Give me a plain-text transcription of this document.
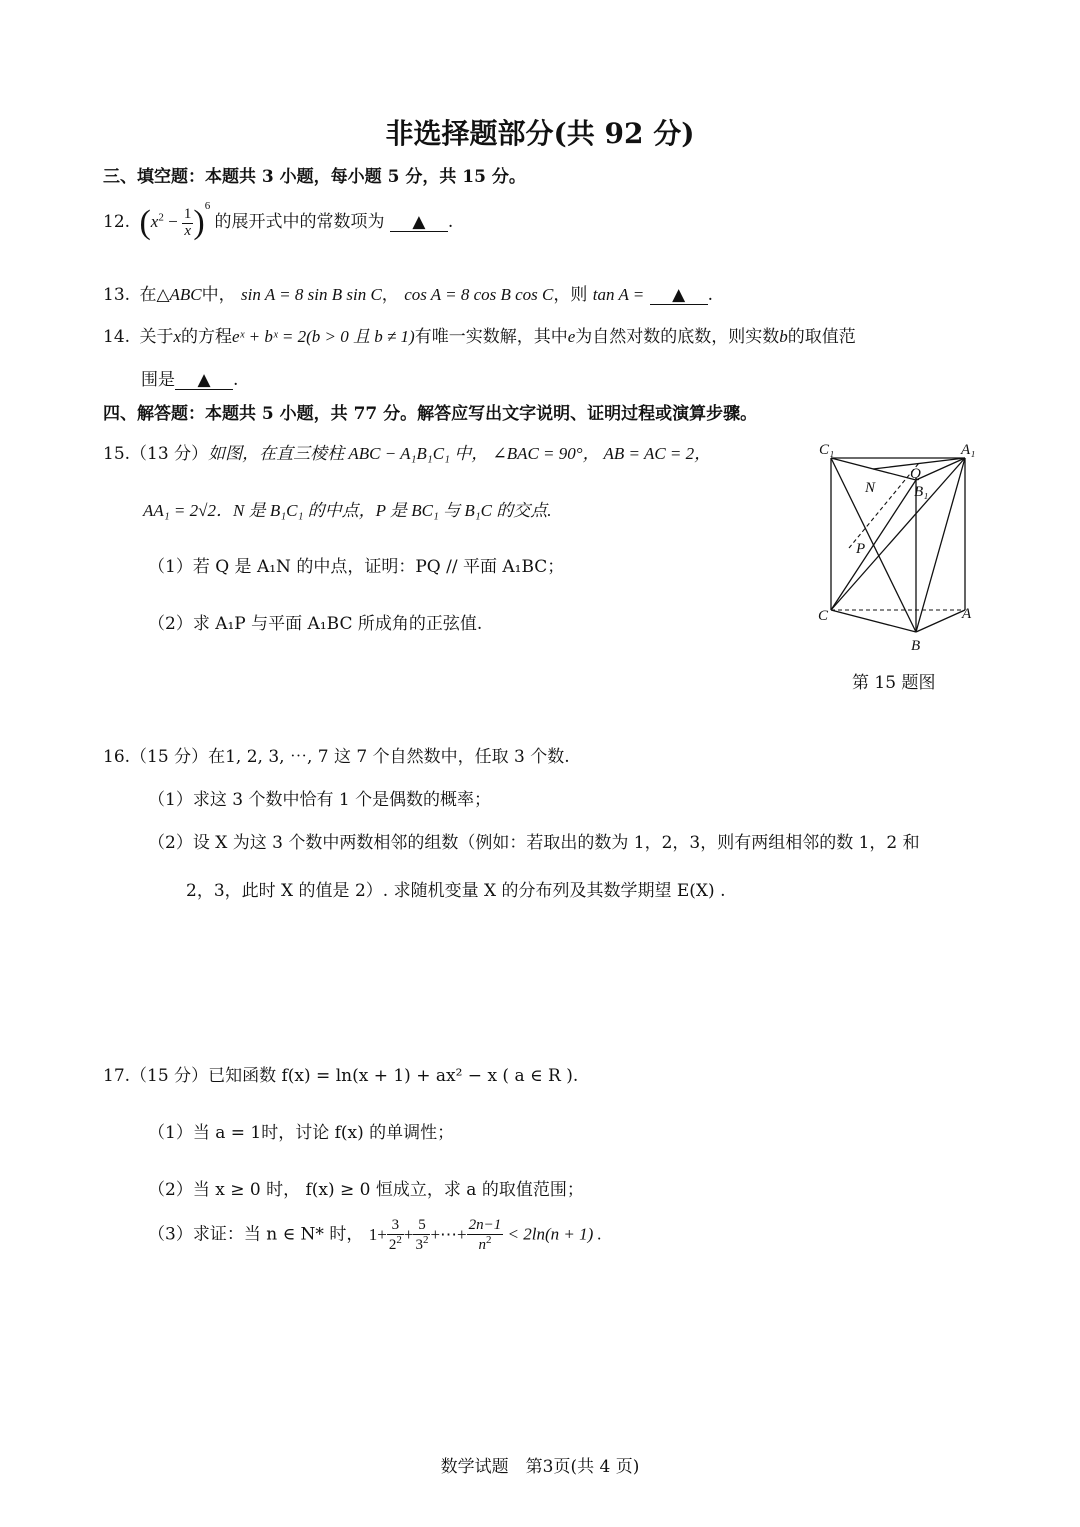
非选择题部分(共 92 分)
三、填空题：本题共 3 小题，每小题 5 分，共 15 分。
12. $(x^2 - \frac{1}{x} )^6$ 的展开式中的常数项为 ▲ .
13. 在△ABC中， sin A = 8 sin B sin C， cos A = 8 cos B cos C，则 tan A = ▲ .
14. 关于x的方程eˣ + bˣ = 2(b > 0 且 b ≠ 1)有唯一实数解，其中e为自然对数的底数，则实数b的取值范
围是 ▲ .
四、解答题：本题共 5 小题，共 77 分。解答应写出文字说明、证明过程或演算步骤。
15.（13 分）如图，在直三棱柱 ABC − A₁B₁C₁ 中， ∠BAC = 90°， AB = AC = 2，
AA₁ = 2√2．N 是 B₁C₁ 的中点，P 是 BC₁ 与 B₁C 的交点.
（1）若 Q 是 A₁N 的中点，证明：PQ // 平面 A₁BC；
（2）求 A₁P 与平面 A₁BC 所成角的正弦值.
C₁	A₁
Q
N	B₁
P
C	A
B
第 15 题图
16.（15 分）在1, 2, 3, ⋯, 7 这 7 个自然数中，任取 3 个数.
（1）求这 3 个数中恰有 1 个是偶数的概率；
（2）设 X 为这 3 个数中两数相邻的组数（例如：若取出的数为 1，2，3，则有两组相邻的数 1，2 和
2，3，此时 X 的值是 2）. 求随机变量 X 的分布列及其数学期望 E(X) .
17.（15 分）已知函数 f(x) = ln(x + 1) + ax² − x ( a ∈ R ).
（1）当 a = 1时，讨论 f(x) 的单调性；
（2）当 x ≥ 0 时， f(x) ≥ 0 恒成立，求 a 的取值范围；
（3）求证：当 n ∈ N* 时， $1+ \frac{3}{2^2} + \frac{5}{3^2}$ +⋯+ $\frac{2n-1}{n^2} < 2\ln(n + 1)$ .
数学试题　第3页(共 4 页)
